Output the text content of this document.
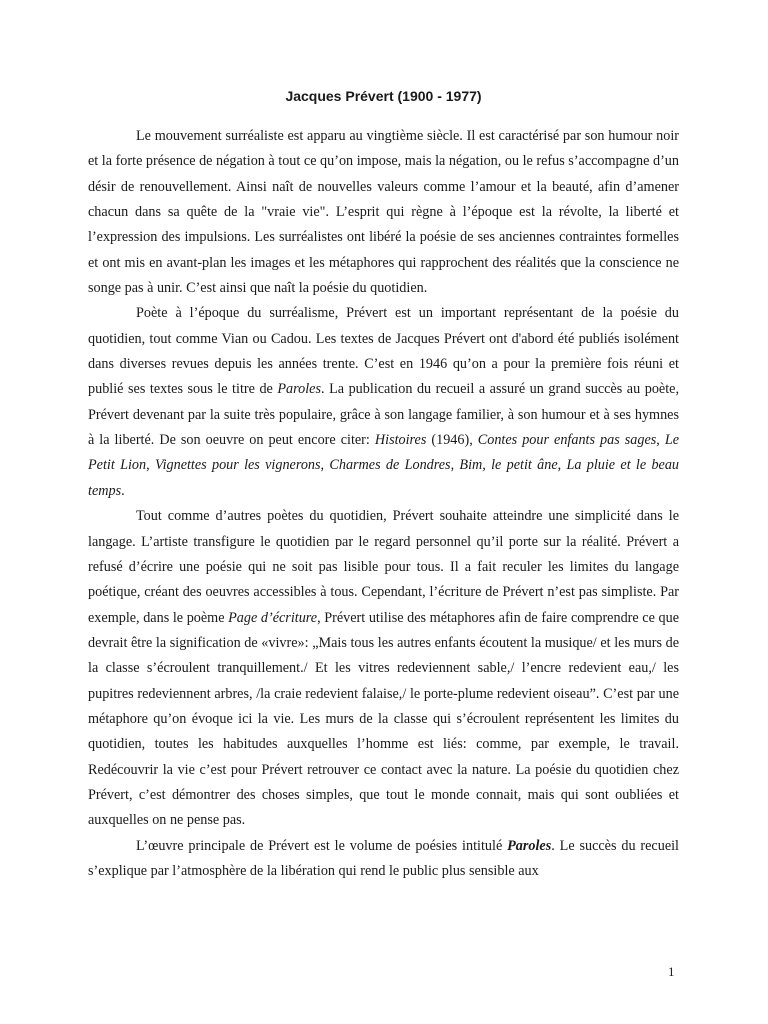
Jacques Prévert (1900 - 1977)

Le mouvement surréaliste est apparu au vingtième siècle. Il est caractérisé par son humour noir et la forte présence de négation à tout ce qu’on impose, mais la négation, ou le refus s’accompagne d’un désir de renouvellement. Ainsi naît de nouvelles valeurs comme l’amour et la beauté, afin d’amener chacun dans sa quête de la "vraie vie". L’esprit qui règne à l’époque est la révolte, la liberté et l’expression des impulsions. Les surréalistes ont libéré la poésie de ses anciennes contraintes formelles et ont mis en avant-plan les images et les métaphores qui rapprochent des réalités que la conscience ne songe pas à unir. C’est ainsi que naît la poésie du quotidien.

Poète à l’époque du surréalisme, Prévert est un important représentant de la poésie du quotidien, tout comme Vian ou Cadou. Les textes de Jacques Prévert ont d'abord été publiés isolément dans diverses revues depuis les années trente. C’est en 1946 qu’on a pour la première fois réuni et publié ses textes sous le titre de Paroles. La publication du recueil a assuré un grand succès au poète, Prévert devenant par la suite très populaire, grâce à son langage familier, à son humour et à ses hymnes à la liberté. De son oeuvre on peut encore citer: Histoires (1946), Contes pour enfants pas sages, Le Petit Lion, Vignettes pour les vignerons, Charmes de Londres, Bim, le petit âne, La pluie et le beau temps.

Tout comme d’autres poètes du quotidien, Prévert souhaite atteindre une simplicité dans le langage. L’artiste transfigure le quotidien par le regard personnel qu’il porte sur la réalité. Prévert a refusé d’écrire une poésie qui ne soit pas lisible pour tous. Il a fait reculer les limites du langage poétique, créant des oeuvres accessibles à tous. Cependant, l’écriture de Prévert n’est pas simpliste. Par exemple, dans le poème Page d’écriture, Prévert utilise des métaphores afin de faire comprendre ce que devrait être la signification de «vivre»: „Mais tous les autres enfants écoutent la musique/ et les murs de la classe s’écroulent tranquillement./ Et les vitres redeviennent sable,/ l’encre redevient eau,/ les pupitres redeviennent arbres, /la craie redevient falaise,/ le porte-plume redevient oiseau”. C’est par une métaphore qu’on évoque ici la vie. Les murs de la classe qui s’écroulent représentent les limites du quotidien, toutes les habitudes auxquelles l’homme est liés: comme, par exemple, le travail. Redécouvrir la vie c’est pour Prévert retrouver ce contact avec la nature. La poésie du quotidien chez Prévert, c’est démontrer des choses simples, que tout le monde connait, mais qui sont oubliées et auxquelles on ne pense pas.

L’œuvre principale de Prévert est le volume de poésies intitulé Paroles. Le succès du recueil s’explique par l’atmosphère de la libération qui rend le public plus sensible aux

1
